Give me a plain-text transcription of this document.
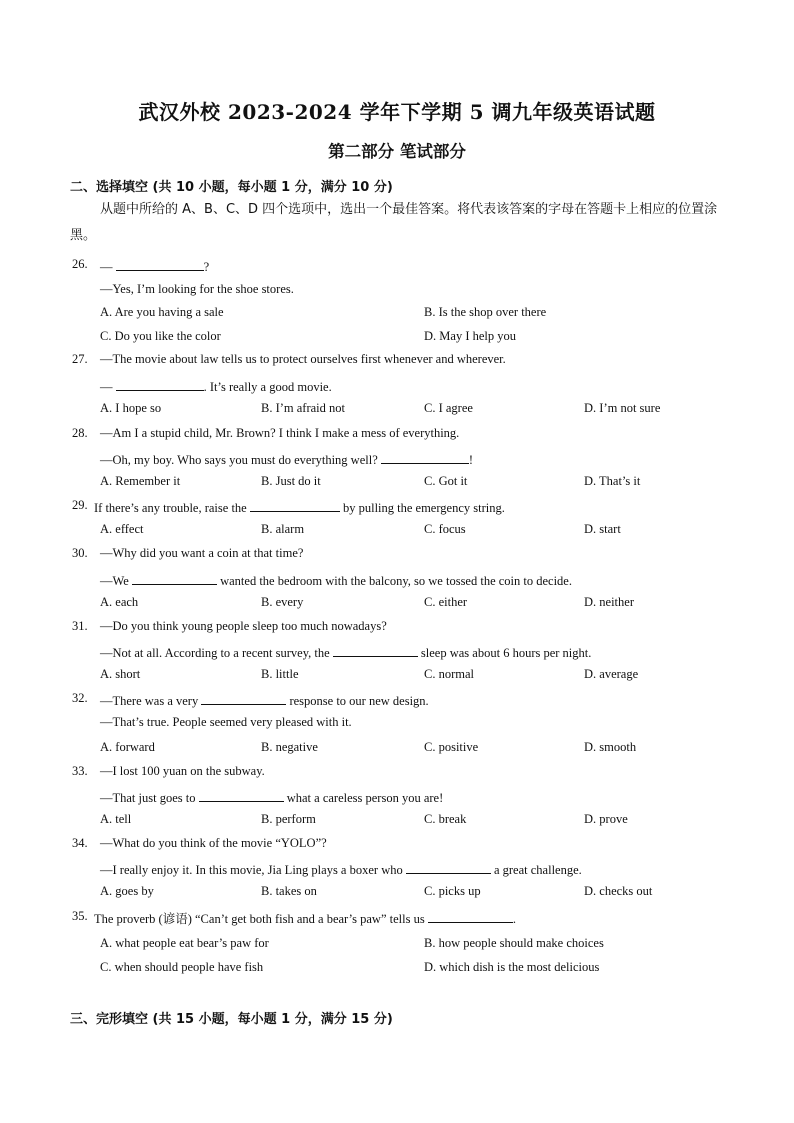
武汉外校 2023-2024 学年下学期 5 调九年级英语试题
第二部分 笔试部分
二、选择填空 (共 10 小题，每小题 1 分，满分 10 分)
从题中所给的 A、B、C、D 四个选项中，选出一个最佳答案。将代表该答案的字母在答题卡上相应的位置涂黑。
26. —	?
—Yes, I’m looking for the shoe stores.
A. Are you having a sale	B. Is the shop over there
C. Do you like the color	D. May I help you
27. —The movie about law tells us to protect ourselves first whenever and wherever.
—	. It’s really a good movie.
A. I hope so	B. I’m afraid not	C. I agree	D. I’m not sure
28. —Am I a stupid child, Mr. Brown? I think I make a mess of everything.
—Oh, my boy. Who says you must do everything well?	!
A. Remember it	B. Just do it	C. Got it	D. That’s it
29. If there’s any trouble, raise the	by pulling the emergency string.
A. effect	B. alarm	C. focus	D. start
30. —Why did you want a coin at that time?
—We	wanted the bedroom with the balcony, so we tossed the coin to decide.
A. each	B. every	C. either	D. neither
31. —Do you think young people sleep too much nowadays?
—Not at all. According to a recent survey, the	sleep was about 6 hours per night.
A. short	B. little	C. normal	D. average
32. —There was a very	response to our new design.
—That’s true. People seemed very pleased with it.
A. forward	B. negative	C. positive	D. smooth
33. —I lost 100 yuan on the subway.
—That just goes to	what a careless person you are!
A. tell	B. perform	C. break	D. prove
34. —What do you think of the movie “YOLO”?
—I really enjoy it. In this movie, Jia Ling plays a boxer who	a great challenge.
A. goes by	B. takes on	C. picks up	D. checks out
35. The proverb (谚语) “Can’t get both fish and a bear’s paw” tells us	.
A. what people eat bear’s paw for	B. how people should make choices
C. when should people have fish	D. which dish is the most delicious
三、完形填空 (共 15 小题，每小题 1 分，满分 15 分)
